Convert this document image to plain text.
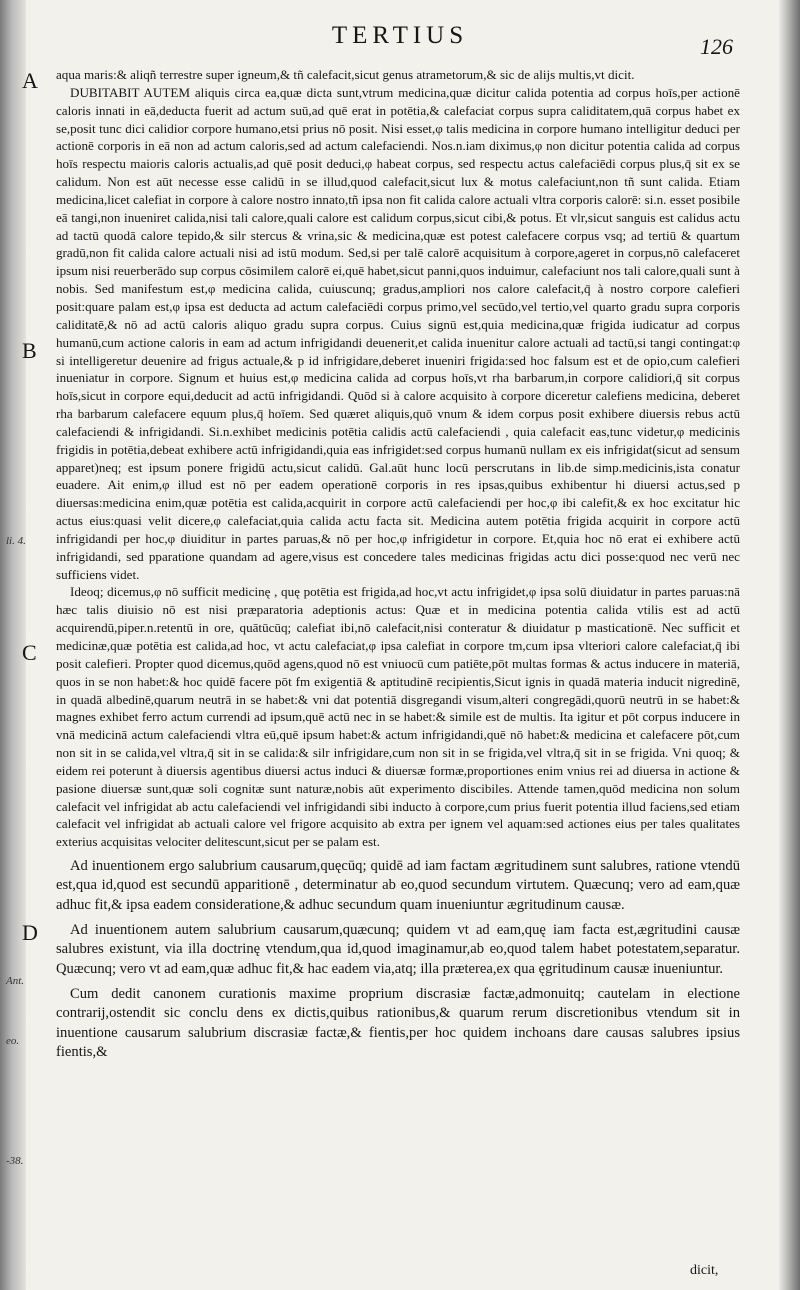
TERTIUS	126
A
B
C
D
li. 4.
Ant.
eo.
-38.

aqua maris:& aliqñ terrestre super igneum,& tñ calefacit,sicut genus atrametorum,& sic de alijs multis,vt dicit.

DUBITABIT AUTEM aliquis circa ea,quæ dicta sunt,vtrum medicina,quæ dicitur calida potentia ad corpus hoīs,per actionē caloris innati in eā,deducta fuerit ad actum suū,ad quē erat in potētia,& calefaciat corpus supra caliditatem,quā corpus habet ex se,posit tunc dici calidior corpore humano,etsi prius nō posit. Nisi esset,φ talis medicina in corpore humano intelligitur deduci per actionē corporis in eā non ad actum caloris,sed ad actum calefaciendi. Nos.n.iam diximus,φ non dicitur potentia calida ad corpus hoīs respectu maioris caloris actualis,ad quē posit deduci,φ habeat corpus, sed respectu actus calefaciēdi corpus plus,q̄ sit ex se calidum. Non est aūt necesse esse calidū in se illud,quod calefacit,sicut lux & motus calefaciunt,non tñ sunt calida. Etiam medicina,licet calefiat in corpore à calore nostro innato,tñ ipsa non fit calida calore actuali vltra corporis calorē: si.n. esset posibile eā tangi,non inueniret calida,nisi tali calore,quali calore est calidum corpus,sicut cibi,& potus. Et vlr,sicut sanguis est calidus actu ad tactū quodā calore tepido,& silr stercus & vrina,sic & medicina,quæ est potest calefacere corpus vsq; ad tertiū & quartum gradū,non fit calida calore actuali nisi ad istū modum. Sed,si per talē calorē acquisitum à corpore,ageret in corpus,nō calefaceret ipsum nisi reuerberādo sup corpus cōsimilem calorē ei,quē habet,sicut panni,quos induimur, calefaciunt nos tali calore,quali sunt à nobis. Sed manifestum est,φ medicina calida, cuiuscunq; gradus,ampliori nos calore calefacit,q̄ à nostro corpore calefieri posit:quare palam est,φ ipsa est deducta ad actum calefaciēdi corpus primo,vel secūdo,vel tertio,vel quarto gradu supra corporis caliditatē,& nō ad actū caloris aliquo gradu supra corpus. Cuius signū est,quia medicina,quæ frigida iudicatur ad corpus humanū,cum actione caloris in eam ad actum infrigidandi deuenerit,et calida inuenitur calore actuali ad tactū,si tangi contingat:φ si intelligeretur deuenire ad frigus actuale,& p id infrigidare,deberet inueniri frigida:sed hoc falsum est et de opio,cum calefieri inueniatur in corpore. Signum et huius est,φ medicina calida ad corpus hoīs,vt rha barbarum,in corpore calidiori,q̄ sit corpus hoīs,sicut in corpore equi,deducit ad actū infrigidandi. Quōd si à calore acquisito à corpore diceretur calefiens medicina, deberet rha barbarum calefacere equum plus,q̄ hoīem. Sed quæret aliquis,quō vnum & idem corpus posit exhibere diuersis rebus actū calefaciendi & infrigidandi. Si.n.exhibet medicinis potētia calidis actū calefaciendi , quia calefacit eas,tunc videtur,φ medicinis frigidis in potētia,debeat exhibere actū infrigidandi,quia eas infrigidet:sed corpus humanū nullam ex eis infrigidat(sicut ad sensum apparet)neq; est ipsum ponere frigidū actu,sicut calidū. Gal.aūt hunc locū perscrutans in lib.de simp.medicinis,ista conatur euadere. Ait enim,φ illud est nō per eadem operationē corporis in res ipsas,quibus exhibentur hi diuersi actus,sed p diuersas:medicina enim,quæ potētia est calida,acquirit in corpore actū calefaciendi per hoc,φ ibi calefit,& ex hoc excitatur hic actus eius:quasi velit dicere,φ calefaciat,quia calida actu facta sit. Medicina autem potētia frigida acquirit in corpore actū infrigidandi per hoc,φ diuiditur in partes paruas,& nō per hoc,φ infrigidetur in corpore. Et,quia hoc nō erat ei exhibere actū infrigidandi, sed pparatione quandam ad agere,visus est concedere tales medicinas frigidas actu dici posse:quod nec verū nec sufficiens videt.

Ideoq; dicemus,φ nō sufficit medicinę , quę potētia est frigida,ad hoc,vt actu infrigidet,φ ipsa solū diuidatur in partes paruas:nā hæc talis diuisio nō est nisi præparatoria adeptionis actus: Quæ et in medicina potentia calida vtilis est ad actū acquirendū,piper.n.retentū in ore, quātūcūq; calefiat ibi,nō calefacit,nisi conteratur & diuidatur p masticationē. Nec sufficit et medicinæ,quæ potētia est calida,ad hoc, vt actu calefaciat,φ ipsa calefiat in corpore tm,cum ipsa vlteriori calore calefaciat,q̄ ibi posit calefieri. Propter quod dicemus,quōd agens,quod nō est vniuocū cum patiēte,pōt multas formas & actus inducere in materiā, quos in se non habet:& hoc quidē facere pōt fm exigentiā & aptitudinē recipientis,Sicut ignis in quadā materia inducit nigredinē, in quadā albedinē,quarum neutrā in se habet:& vni dat potentiā disgregandi visum,alteri congregādi,quorū neutrū in se habet:& magnes exhibet ferro actum currendi ad ipsum,quē actū nec in se habet:& simile est de multis. Ita igitur et pōt corpus inducere in vnā medicinā actum calefaciendi vltra eū,quē ipsum habet:& actum infrigidandi,quē nō habet:& medicina et calefacere pōt,cum non sit in se calida,vel vltra,q̄ sit in se calida:& silr infrigidare,cum non sit in se frigida,vel vltra,q̄ sit in se frigida. Vni quoq; & eidem rei poterunt à diuersis agentibus diuersi actus induci & diuersæ formæ,proportiones enim vnius rei ad diuersa in actione & pasione diuersæ sunt,quæ soli cognitæ sunt naturæ,nobis aūt experimento discibiles. Attende tamen,quōd medicina non solum calefacit vel infrigidat ab actu calefaciendi vel infrigidandi sibi inducto à corpore,cum prius fuerit potentia illud faciens,sed etiam calefacit vel infrigidat ab actuali calore vel frigore acquisito ab extra per ignem vel aquam:sed actiones eius per tales qualitates exterius acquisitas velociter delitescunt,sicut per se palam est.

Ad inuentionem ergo salubrium causarum,quęcūq; quidē ad iam factam ægritudinem sunt salubres, ratione vtendū est,qua id,quod est secundū apparitionē , determinatur ab eo,quod secundum virtutem. Quæcunq; vero ad eam,quæ adhuc fit,& ipsa eadem consideratione,& adhuc secundum quam inueniuntur ægritudinum causæ.

Ad inuentionem autem salubrium causarum,quæcunq; quidem vt ad eam,quę iam facta est,ægritudini causæ salubres existunt, via illa doctrinę vtendum,qua id,quod imaginamur,ab eo,quod talem habet potestatem,separatur. Quæcunq; vero vt ad eam,quæ adhuc fit,& hac eadem via,atq; illa præterea,ex qua ęgritudinum causæ inueniuntur.

Cum dedit canonem curationis maxime proprium discrasiæ factæ,admonuitq; cautelam in electione contrarij,ostendit sic conclu dens ex dictis,quibus rationibus,& quarum rerum discretionibus vtendum sit in inuentione causarum salubrium discrasiæ factæ,& fientis,per hoc quidem inchoans dare causas salubres ipsius fientis,&

dicit,
